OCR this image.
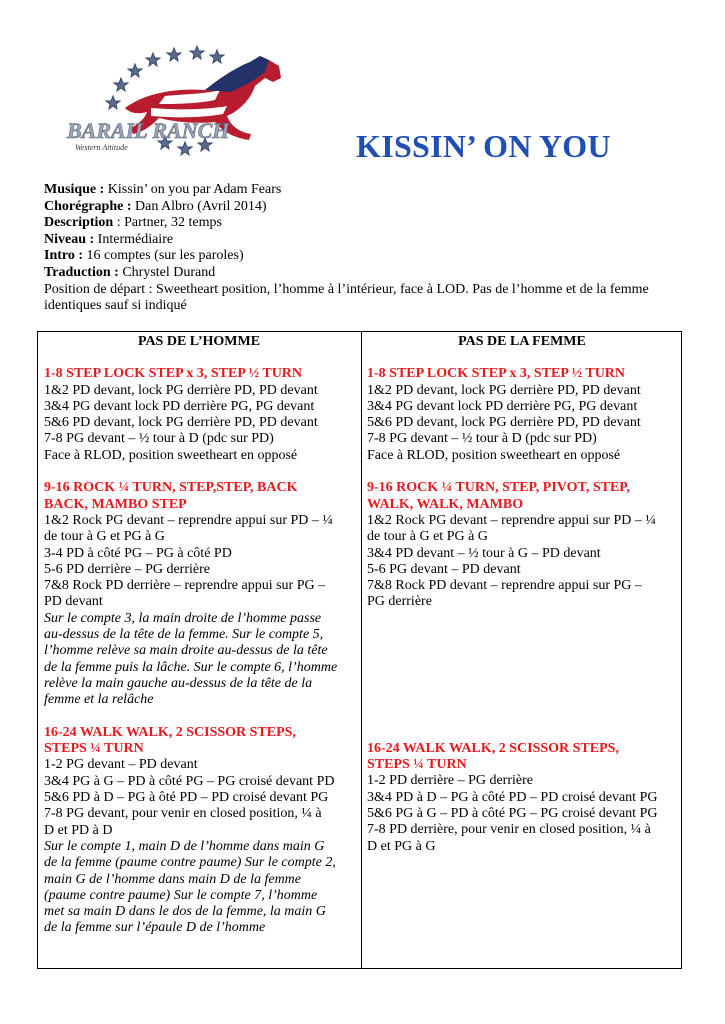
BARAIL RANCH
Western Attitude	KISSIN’ ON YOU

Musique : Kissin’ on you par Adam Fears

Chorégraphe : Dan Albro (Avril 2014)

Description : Partner, 32 temps

Niveau : Intermédiaire

Intro : 16 comptes (sur les paroles)

Traduction : Chrystel Durand

Position de départ : Sweetheart position, l’homme à l’intérieur, face à LOD. Pas de l’homme et de la femme

identiques sauf si indiqué

PAS DE L’HOMME

1-8 STEP LOCK STEP x 3, STEP ½ TURN

1&2 PD devant, lock PG derrière PD, PD devant

3&4 PG devant lock PD derrière PG, PG devant

5&6 PD devant, lock PG derrière PD, PD devant

7-8 PG devant – ½ tour à D (pdc sur PD)

Face à RLOD, position sweetheart en opposé

9-16 ROCK ¼ TURN, STEP,STEP, BACK

BACK, MAMBO STEP

1&2 Rock PG devant – reprendre appui sur PD – ¼

de tour à G et PG à G

3-4 PD à côté PG – PG à côté PD

5-6 PD derrière – PG derrière

7&8 Rock PD derrière – reprendre appui sur PG –

PD devant

Sur le compte 3, la main droite de l’homme passe

au-dessus de la tête de la femme. Sur le compte 5,

l’homme relève sa main droite au-dessus de la tête

de la femme puis la lâche. Sur le compte 6, l’homme

relève la main gauche au-dessus de la tête de la

femme et la relâche

16-24 WALK WALK, 2 SCISSOR STEPS,

STEPS ¼ TURN

1-2 PG devant – PD devant

3&4 PG à G – PD à côté PG – PG croisé devant PD

5&6 PD à D – PG à ôté PD – PD croisé devant PG

7-8 PG devant, pour venir en closed position, ¼ à

D et PD à D

Sur le compte 1, main D de l’homme dans main G

de la femme (paume contre paume) Sur le compte 2,

main G de l’homme dans main D de la femme

(paume contre paume) Sur le compte 7, l’homme

met sa main D dans le dos de la femme, la main G

de la femme sur l’épaule D de l’homme

PAS DE LA FEMME

1-8 STEP LOCK STEP x 3, STEP ½ TURN

1&2 PD devant, lock PG derrière PD, PD devant

3&4 PG devant lock PD derrière PG, PG devant

5&6 PD devant, lock PG derrière PD, PD devant

7-8 PG devant – ½ tour à D (pdc sur PD)

Face à RLOD, position sweetheart en opposé

9-16 ROCK ¼ TURN, STEP, PIVOT, STEP,

WALK, WALK, MAMBO

1&2 Rock PG devant – reprendre appui sur PD – ¼

de tour à G et PG à G

3&4 PD devant – ½ tour à G – PD devant

5-6 PG devant – PD devant

7&8 Rock PD devant – reprendre appui sur PG –

PG derrière

16-24 WALK WALK, 2 SCISSOR STEPS,

STEPS ¼ TURN

1-2 PD derrière – PG derrière

3&4 PD à D – PG à côté PD – PD croisé devant PG

5&6 PG à G – PD à côté PG – PG croisé devant PG

7-8 PD derrière, pour venir en closed position, ¼ à

D et PG à G
